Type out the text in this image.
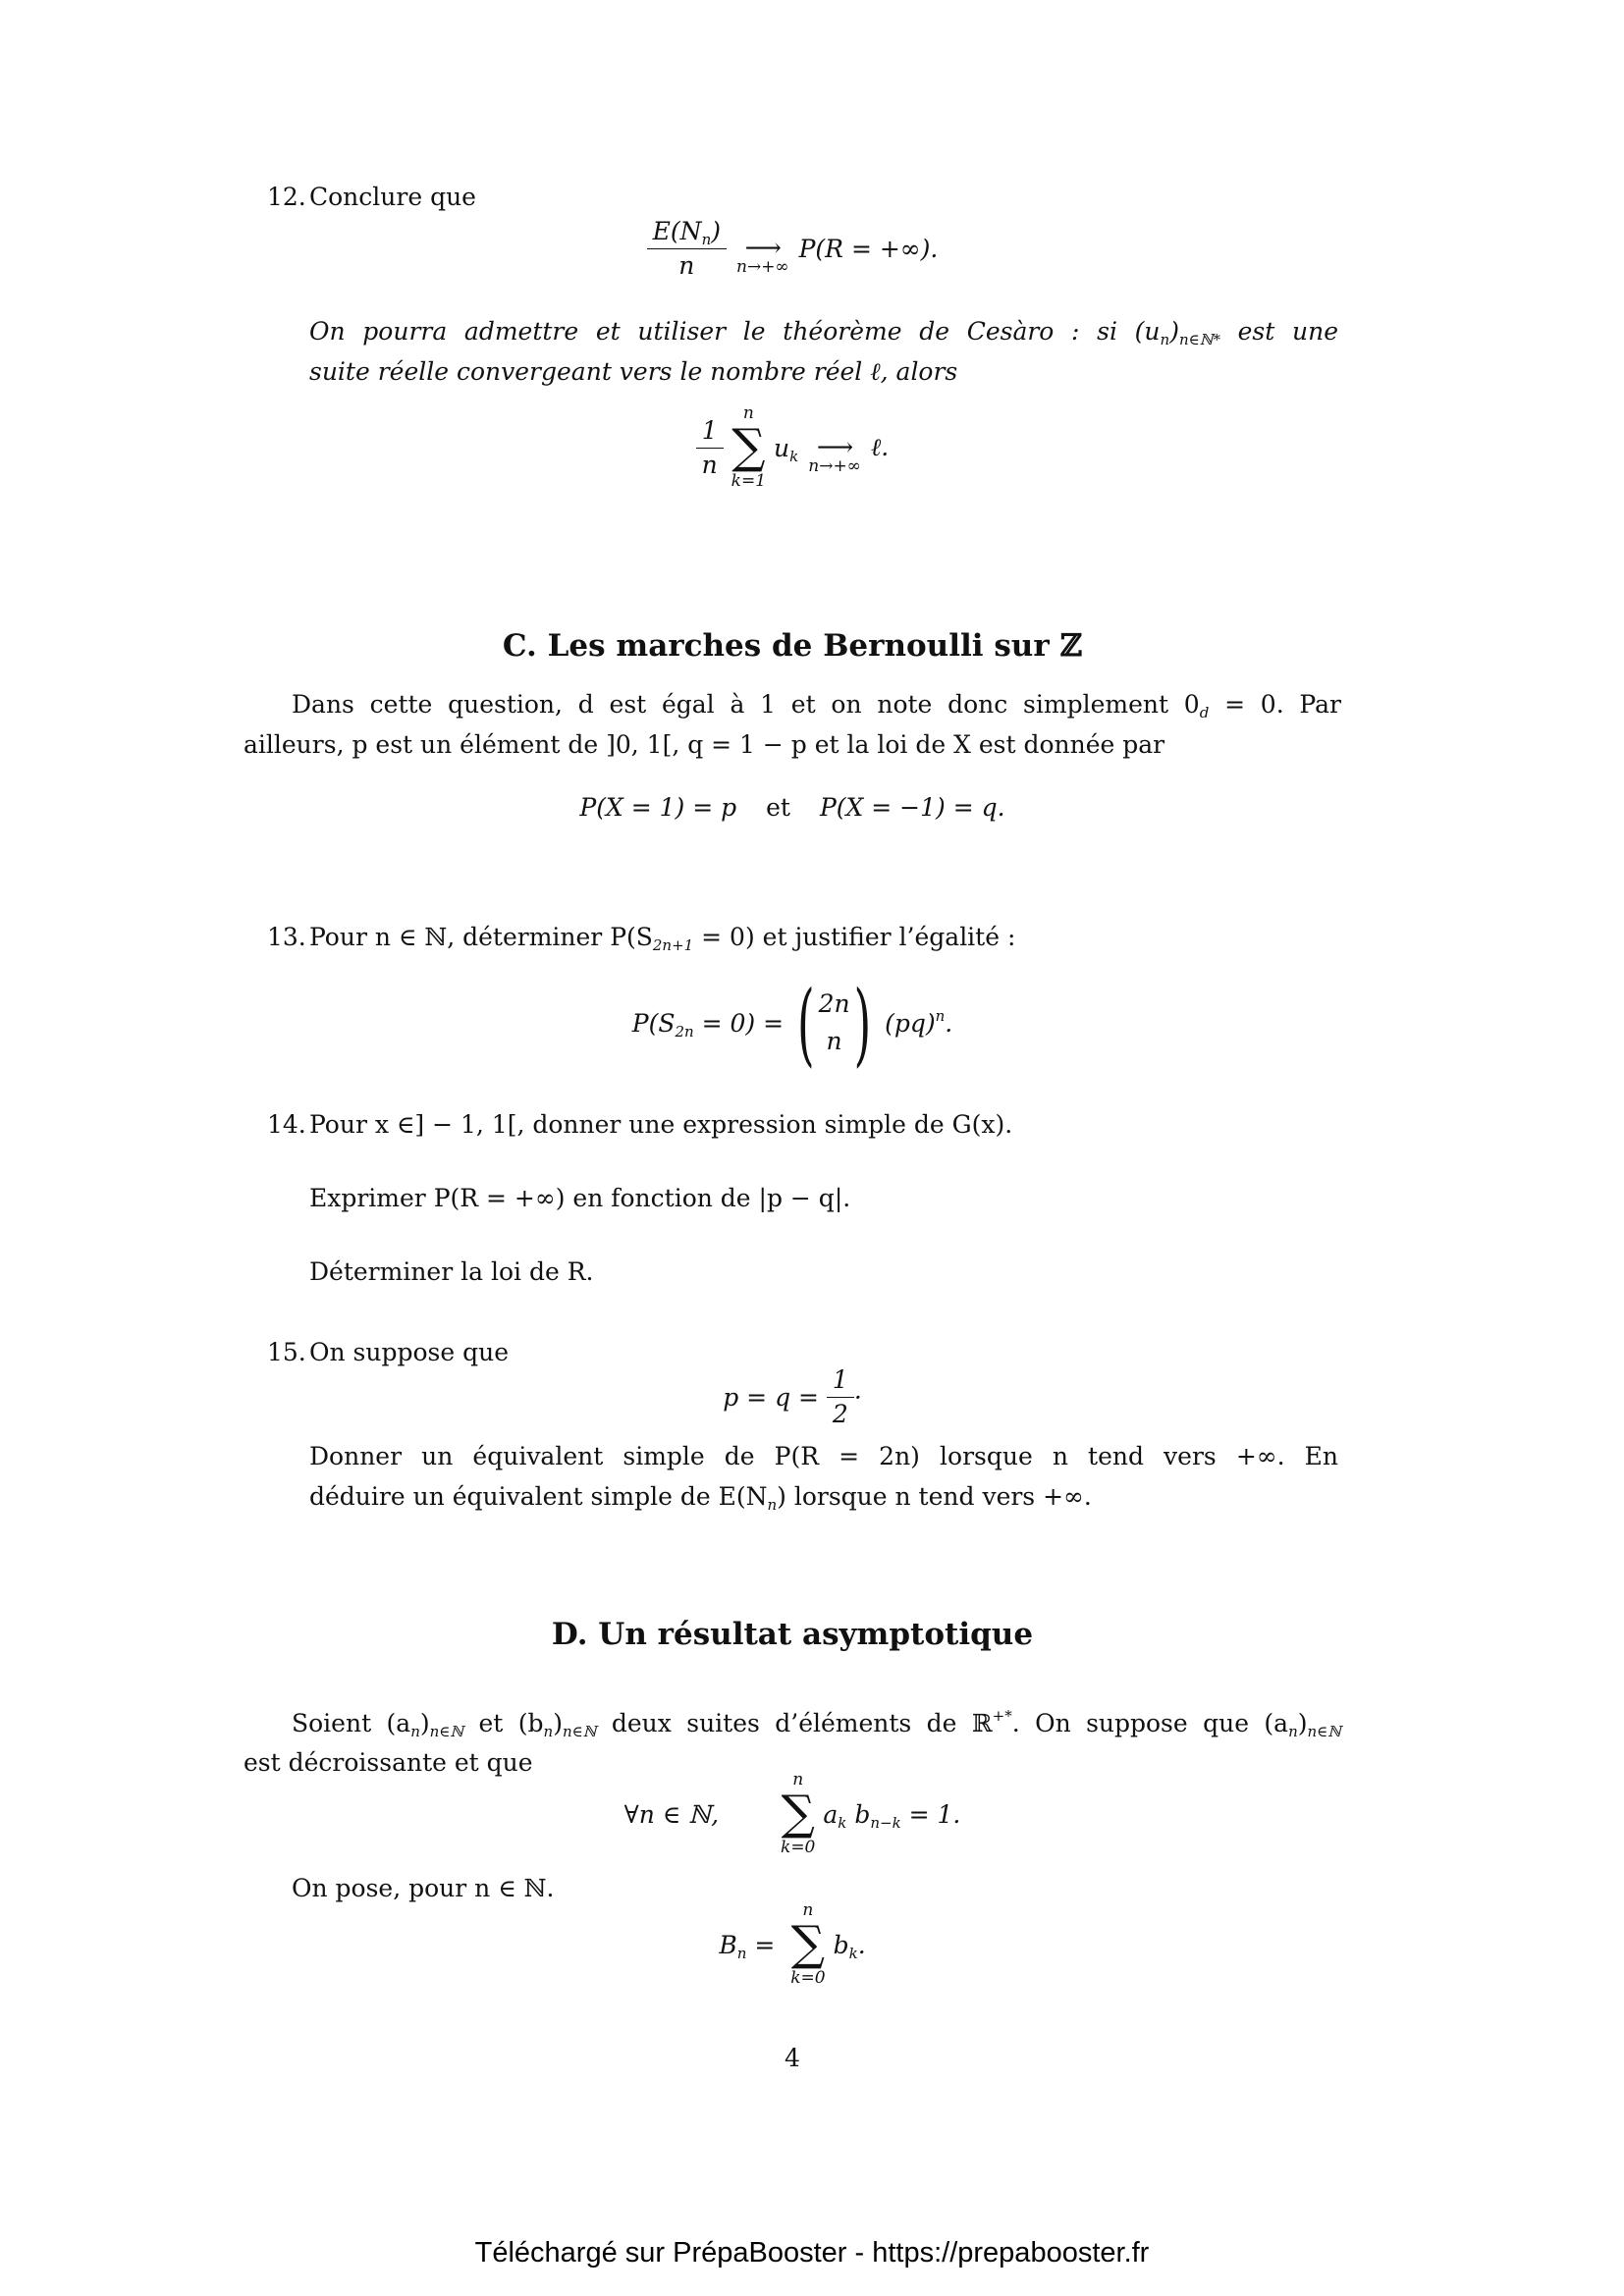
12. Conclure que
$\frac{E(N_n)}{n}$ ⟶
n→+∞
P(R = +∞).
On pourra admettre et utiliser le théorème de Cesàro : si $(u_n)_{n\in ℕ*}$ est une
suite réelle convergeant vers le nombre réel ℓ, alors
$\frac{1}{n}$
n
∑
k=1
$u_k$ ⟶
n→+∞
ℓ.
C. Les marches de Bernoulli sur ℤ
Dans cette question, d est égal à 1 et on note donc simplement $0_d = 0$. Par
ailleurs, p est un élément de ]0, 1[, q = 1 − p et la loi de X est donnée par
P(X = 1) = p et P(X = −1) = q.
13. Pour n ∈ ℕ, déterminer $P(S_{2n+1} = 0)$ et justifier l’égalité :
$P(S_{2n} = 0)$ = ( 2n
n ) (pq)$^n$.
14. Pour x ∈] − 1, 1[, donner une expression simple de G(x).
Exprimer P(R = +∞) en fonction de |p − q|.
Déterminer la loi de R.
15. On suppose que
$p = q = \frac{1}{2}$ ·
Donner un équivalent simple de P(R = 2n) lorsque n tend vers +∞. En
déduire un équivalent simple de $E(N_n)$ lorsque n tend vers +∞.
D. Un résultat asymptotique
Soient $(a_n)_{n\in ℕ}$ et $(b_n)_{n\in ℕ}$ deux suites d’éléments de ℝ+*. On suppose que $(a_n)_{n\in ℕ}$
est décroissante et que
∀n ∈ ℕ,
n
∑
k=0
$a_k$ $b_{n-k} = 1$.
On pose, pour n ∈ ℕ.
$B_n$ =
n
∑
k=0
$b_k$.
4
Téléchargé sur PrépaBooster - https://prepabooster.fr
